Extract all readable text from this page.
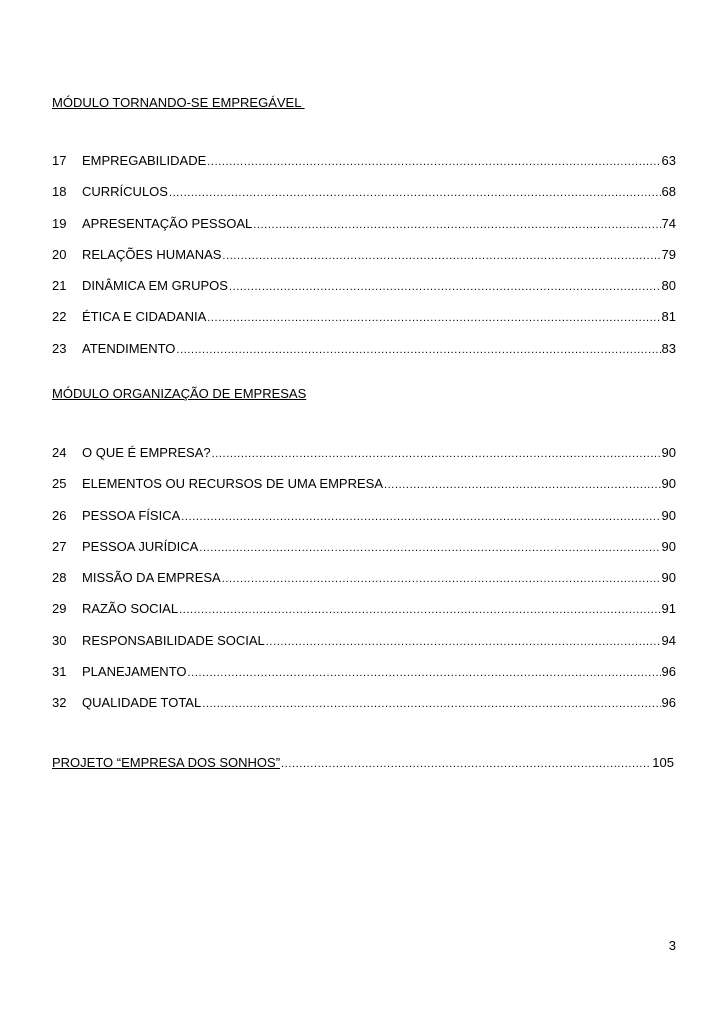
MÓDULO TORNANDO-SE EMPREGÁVEL
17	EMPREGABILIDADE .....	63
18	CURRÍCULOS .....	68
19	APRESENTAÇÃO PESSOAL .....	74
20	RELAÇÕES HUMANAS .....	79
21	DINÂMICA EM GRUPOS .....	80
22	ÉTICA E CIDADANIA .....	81
23	ATENDIMENTO .....	83
MÓDULO ORGANIZAÇÃO DE EMPRESAS
24	O QUE É EMPRESA? .....	90
25	ELEMENTOS OU RECURSOS DE UMA EMPRESA .....	90
26	PESSOA FÍSICA .....	90
27	PESSOA JURÍDICA .....	90
28	MISSÃO DA EMPRESA .....	90
29	RAZÃO SOCIAL .....	91
30	RESPONSABILIDADE SOCIAL .....	94
31	PLANEJAMENTO .....	96
32	QUALIDADE TOTAL .....	96
PROJETO “EMPRESA DOS SONHOS” .....	105
3
